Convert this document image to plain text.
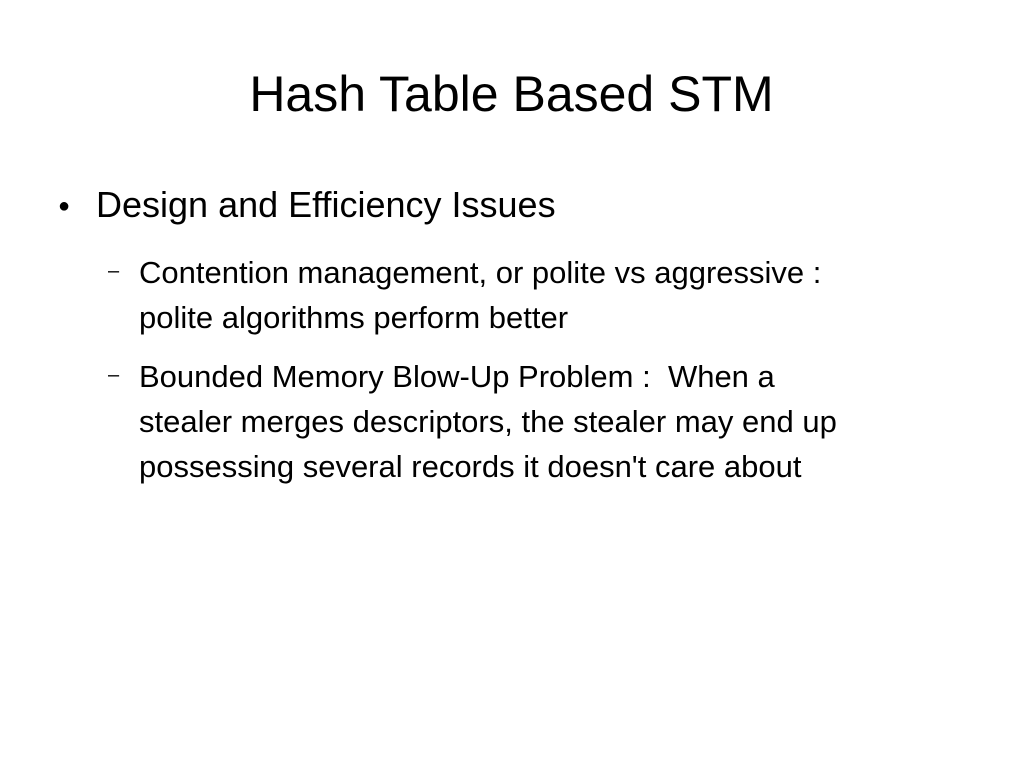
Hash Table Based STM
● Design and Efficiency Issues
– Contention management, or polite vs aggressive :
polite algorithms perform better
– Bounded Memory Blow-Up Problem :  When a
stealer merges descriptors, the stealer may end up
possessing several records it doesn't care about
